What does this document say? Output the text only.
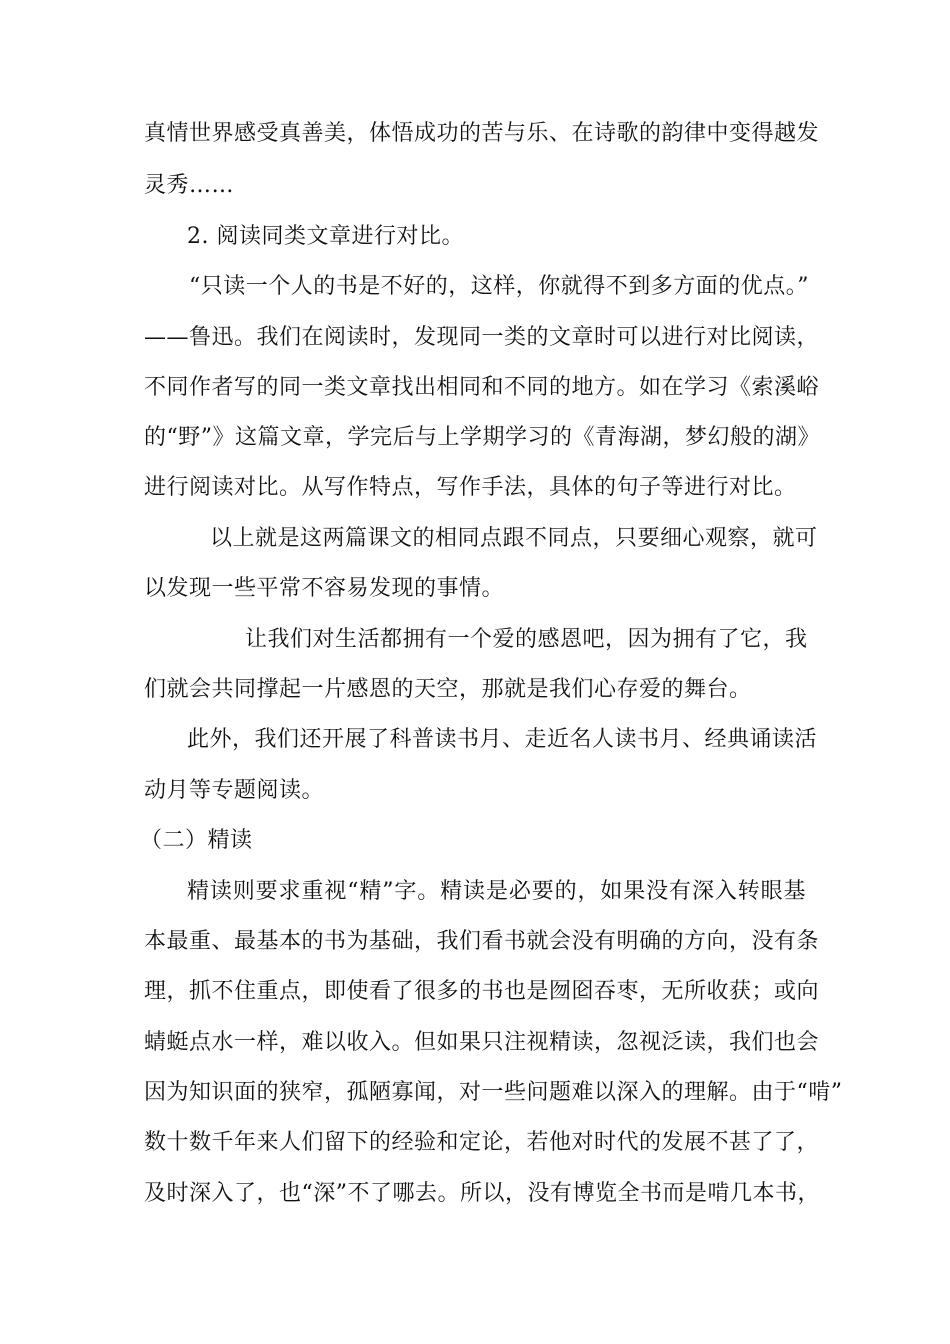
真情世界感受真善美，体悟成功的苦与乐、在诗歌的韵律中变得越发
灵秀……
2. 阅读同类文章进行对比。
“只读一个人的书是不好的，这样，你就得不到多方面的优点。”
——鲁迅。我们在阅读时，发现同一类的文章时可以进行对比阅读，
不同作者写的同一类文章找出相同和不同的地方。如在学习《索溪峪
的“野”》这篇文章，学完后与上学期学习的《青海湖，梦幻般的湖》
进行阅读对比。从写作特点，写作手法，具体的句子等进行对比。
以上就是这两篇课文的相同点跟不同点，只要细心观察，就可
以发现一些平常不容易发现的事情。
让我们对生活都拥有一个爱的感恩吧，因为拥有了它，我
们就会共同撑起一片感恩的天空，那就是我们心存爱的舞台。
此外，我们还开展了科普读书月、走近名人读书月、经典诵读活
动月等专题阅读。
（二）精读
精读则要求重视“精”字。精读是必要的，如果没有深入转眼基
本最重、最基本的书为基础，我们看书就会没有明确的方向，没有条
理，抓不住重点，即使看了很多的书也是囫囵吞枣，无所收获；或向
蜻蜓点水一样，难以收入。但如果只注视精读，忽视泛读，我们也会
因为知识面的狭窄，孤陋寡闻，对一些问题难以深入的理解。由于“啃”
数十数千年来人们留下的经验和定论，若他对时代的发展不甚了了，
及时深入了，也“深”不了哪去。所以，没有博览全书而是啃几本书，
